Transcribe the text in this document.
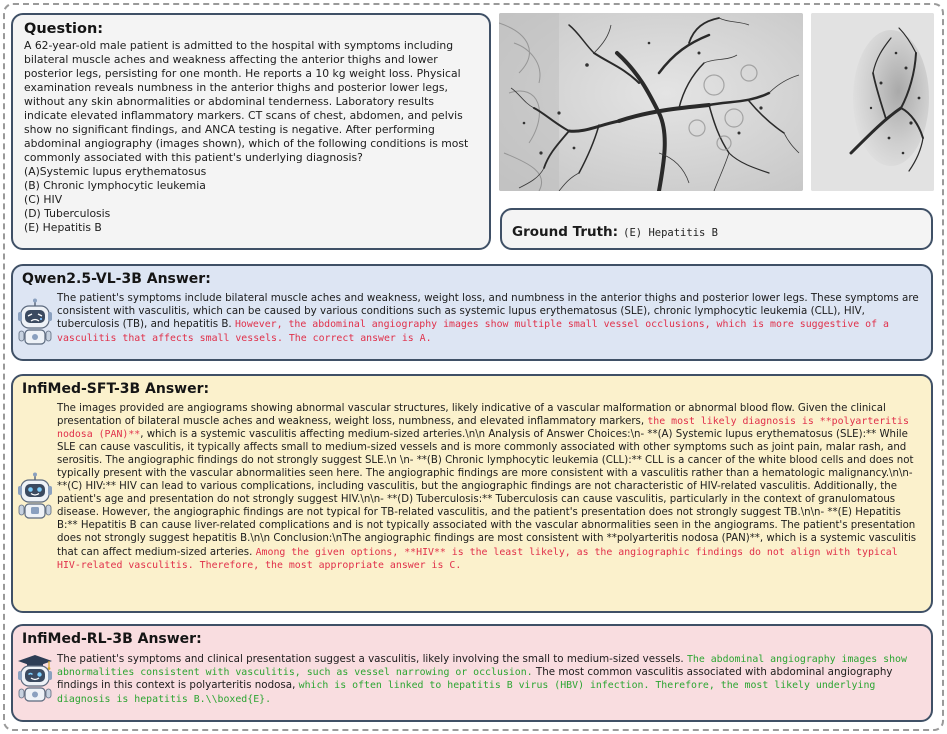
Question:
A 62-year-old male patient is admitted to the hospital with symptoms including bilateral muscle aches and weakness affecting the anterior thighs and lower posterior legs, persisting for one month. He reports a 10 kg weight loss. Physical examination reveals numbness in the anterior thighs and posterior lower legs, without any skin abnormalities or abdominal tenderness. Laboratory results indicate elevated inflammatory markers. CT scans of chest, abdomen, and pelvis show no significant findings, and ANCA testing is negative. After performing abdominal angiography (images shown), which of the following conditions is most commonly associated with this patient's underlying diagnosis?
(A)Systemic lupus erythematosus
(B) Chronic lymphocytic leukemia
(C) HIV
(D) Tuberculosis
(E) Hepatitis B	Ground Truth: (E) Hepatitis B
Qwen2.5-VL-3B Answer:
The patient's symptoms include bilateral muscle aches and weakness, weight loss, and numbness in the anterior thighs and posterior lower legs. These symptoms are consistent with vasculitis, which can be caused by various conditions such as systemic lupus erythematosus (SLE), chronic lymphocytic leukemia (CLL), HIV, tuberculosis (TB), and hepatitis B. However, the abdominal angiography images show multiple small vessel occlusions, which is more suggestive of a vasculitis that affects small vessels. The correct answer is A.
InfiMed-SFT-3B Answer:
The images provided are angiograms showing abnormal vascular structures, likely indicative of a vascular malformation or abnormal blood flow. Given the clinical presentation of bilateral muscle aches and weakness, weight loss, numbness, and elevated inflammatory markers, the most likely diagnosis is **polyarteritis nodosa (PAN)**, which is a systemic vasculitis affecting medium-sized arteries.\n\n Analysis of Answer Choices:\n- **(A) Systemic lupus erythematosus (SLE):** While SLE can cause vasculitis, it typically affects small to medium-sized vessels and is more commonly associated with other symptoms such as joint pain, malar rash, and serositis. The angiographic findings do not strongly suggest SLE.\n \n- **(B) Chronic lymphocytic leukemia (CLL):** CLL is a cancer of the white blood cells and does not typically present with the vascular abnormalities seen here. The angiographic findings are more consistent with a vasculitis rather than a hematologic malignancy.\n\n- **(C) HIV:** HIV can lead to various complications, including vasculitis, but the angiographic findings are not characteristic of HIV-related vasculitis. Additionally, the patient's age and presentation do not strongly suggest HIV.\n\n- **(D) Tuberculosis:** Tuberculosis can cause vasculitis, particularly in the context of granulomatous disease. However, the angiographic findings are not typical for TB-related vasculitis, and the patient's presentation does not strongly suggest TB.\n\n- **(E) Hepatitis B:** Hepatitis B can cause liver-related complications and is not typically associated with the vascular abnormalities seen in the angiograms. The patient's presentation does not strongly suggest hepatitis B.\n\n Conclusion:\nThe angiographic findings are most consistent with **polyarteritis nodosa (PAN)**, which is a systemic vasculitis that can affect medium-sized arteries. Among the given options, **HIV** is the least likely, as the angiographic findings do not align with typical HIV-related vasculitis. Therefore, the most appropriate answer is C.
InfiMed-RL-3B Answer:
The patient's symptoms and clinical presentation suggest a vasculitis, likely involving the small to medium-sized vessels. The abdominal angiography images show abnormalities consistent with vasculitis, such as vessel narrowing or occlusion. The most common vasculitis associated with abdominal angiography findings in this context is polyarteritis nodosa, which is often linked to hepatitis B virus (HBV) infection. Therefore, the most likely underlying diagnosis is hepatitis B.\\boxed{E}.
